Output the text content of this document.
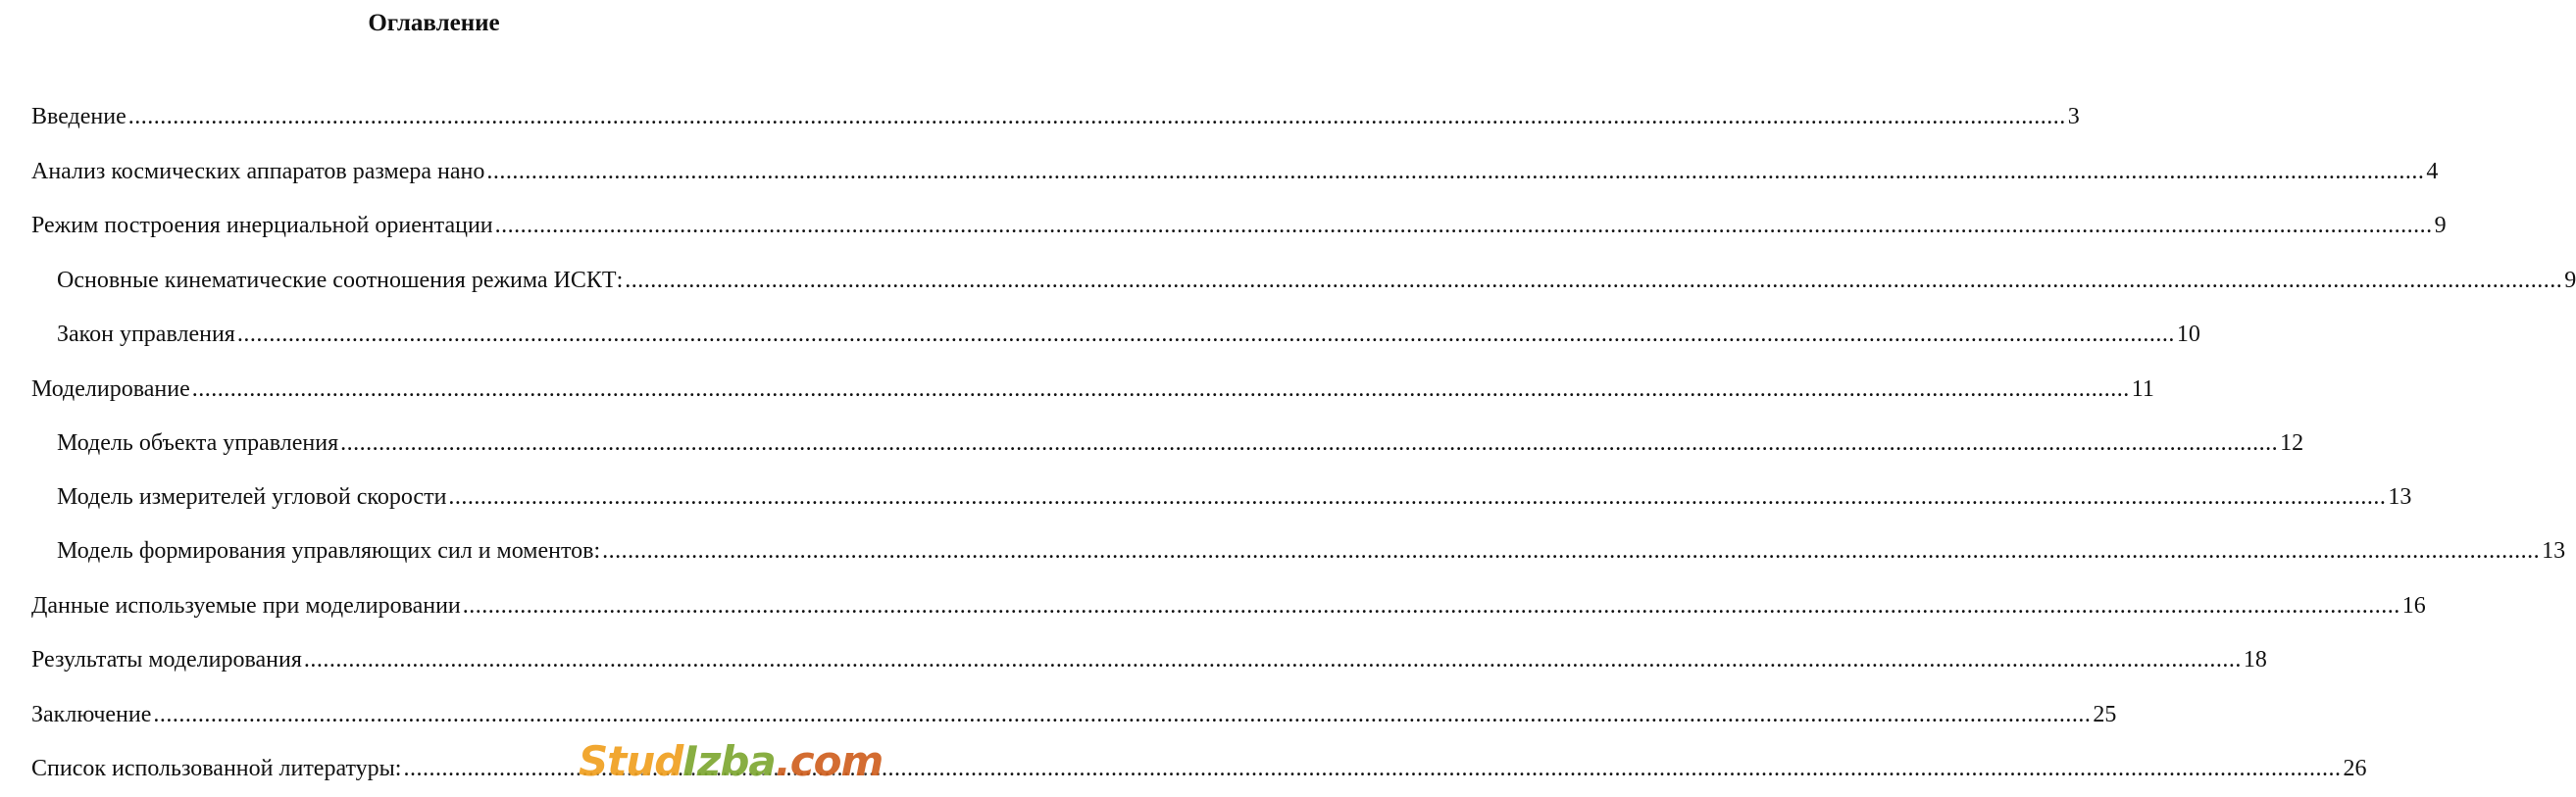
Оглавление
Введение .....	3
Анализ космических аппаратов размера нано .....	4
Режим построения инерциальной ориентации .....	9
Основные кинематические соотношения режима ИСКТ: .....	9
Закон управления .....	10
Моделирование .....	11
Модель объекта управления .....	12
Модель измерителей угловой скорости .....	13
Модель формирования управляющих сил и моментов: .....	13
Данные используемые при моделировании .....	16
Результаты моделирования .....	18
Заключение .....	25
Список использованной литературы: .....	26
StudIzba.com
